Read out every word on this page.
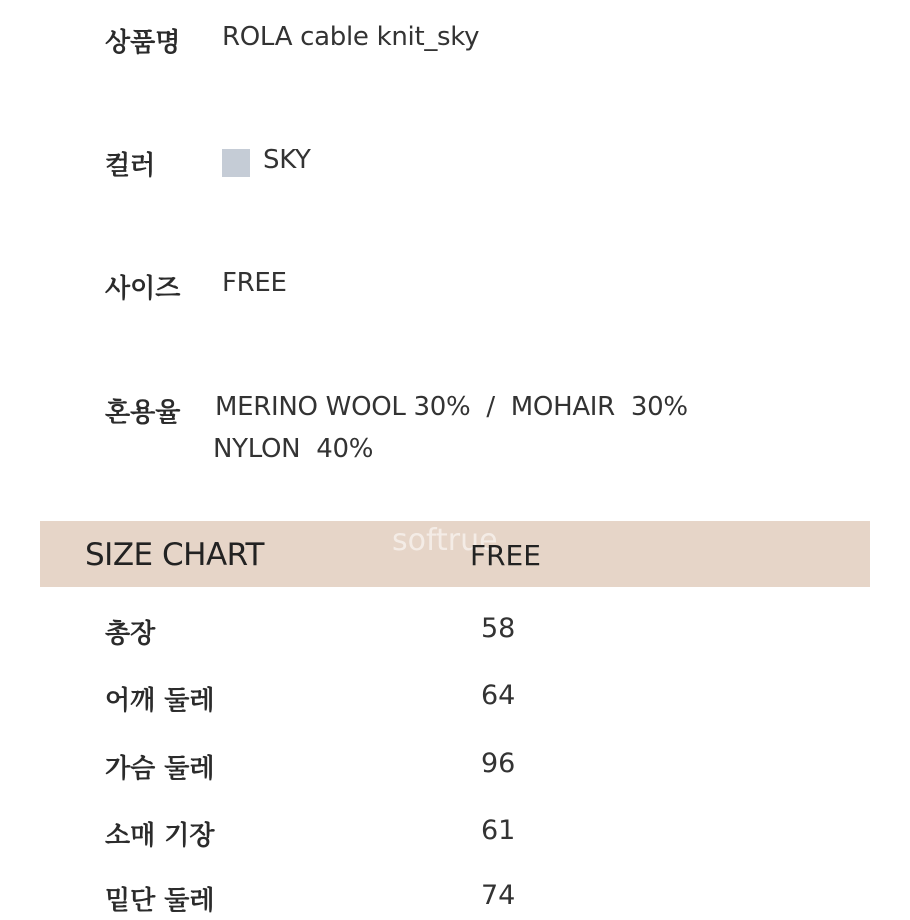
상품명 ROLA cable knit_sky
컬러	SKY
사이즈 FREE
혼용율 MERINO WOOL 30%  /  MOHAIR  30%
NYLON  40%
softrue
SIZE CHART	FREE
총장	58
어깨 둘레	64
가슴 둘레	96
소매 기장	61
밑단 둘레	74
